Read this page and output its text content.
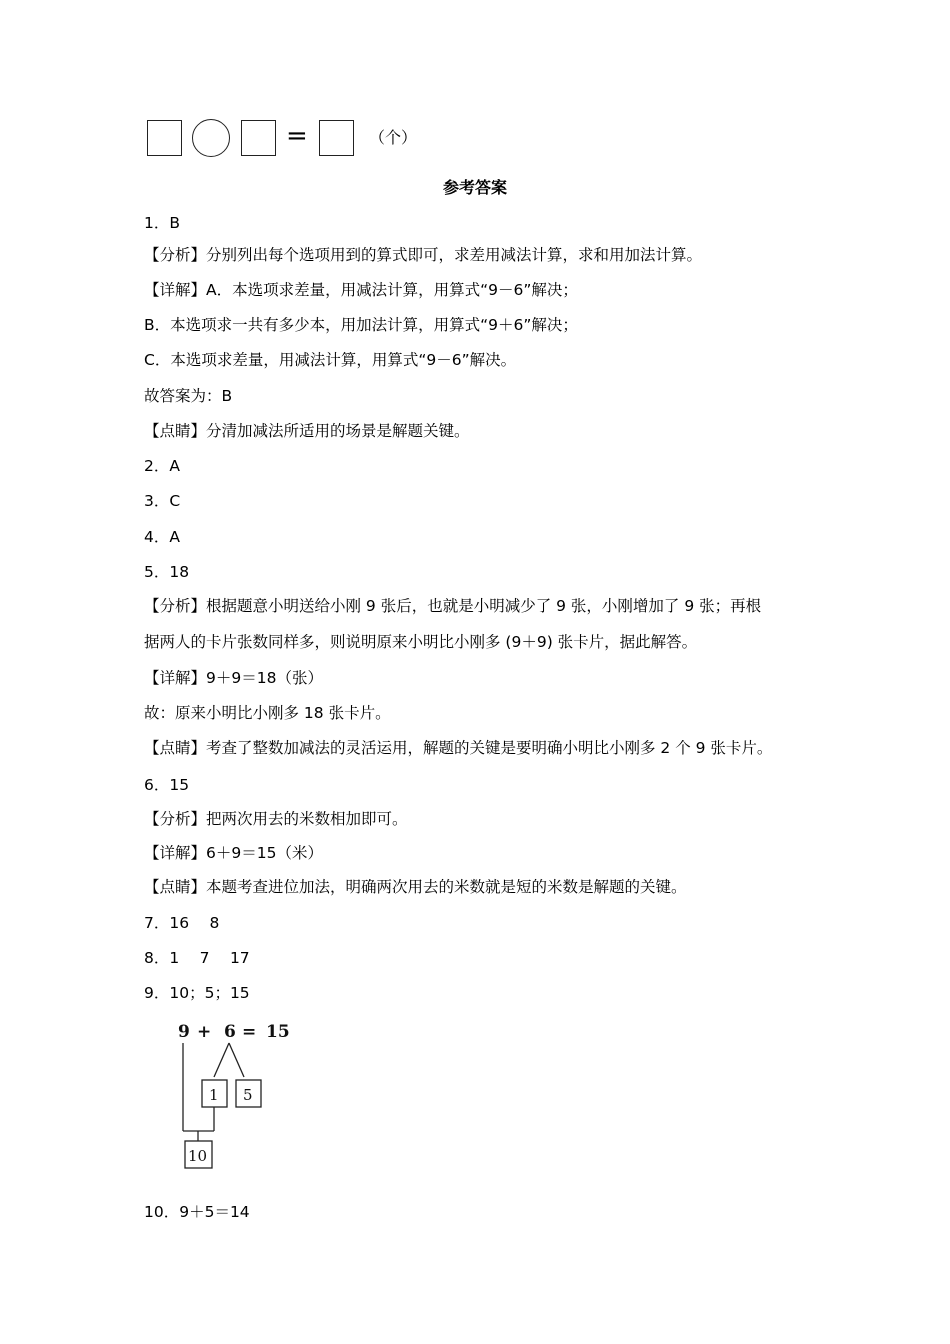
=	（个）
参考答案
1．B
【分析】分别列出每个选项用到的算式即可，求差用减法计算，求和用加法计算。
【详解】A．本选项求差量，用减法计算，用算式“9－6”解决；
B．本选项求一共有多少本，用加法计算，用算式“9＋6”解决；
C．本选项求差量，用减法计算，用算式“9－6”解决。
故答案为：B
【点睛】分清加减法所适用的场景是解题关键。
2．A
3．C
4．A
5．18
【分析】根据题意小明送给小刚 9 张后，也就是小明减少了 9 张，小刚增加了 9 张；再根
据两人的卡片张数同样多，则说明原来小明比小刚多 (9＋9) 张卡片，据此解答。
【详解】9＋9＝18（张）
故：原来小明比小刚多 18 张卡片。
【点睛】考查了整数加减法的灵活运用，解题的关键是要明确小明比小刚多 2 个 9 张卡片。
6．15
【分析】把两次用去的米数相加即可。
【详解】6＋9＝15（米）
【点睛】本题考查进位加法，明确两次用去的米数就是短的米数是解题的关键。
7．16　 8
8．1　 7　 17
9．10；5；15
9 + 6 = 15
1 5
10
10．9＋5＝14
